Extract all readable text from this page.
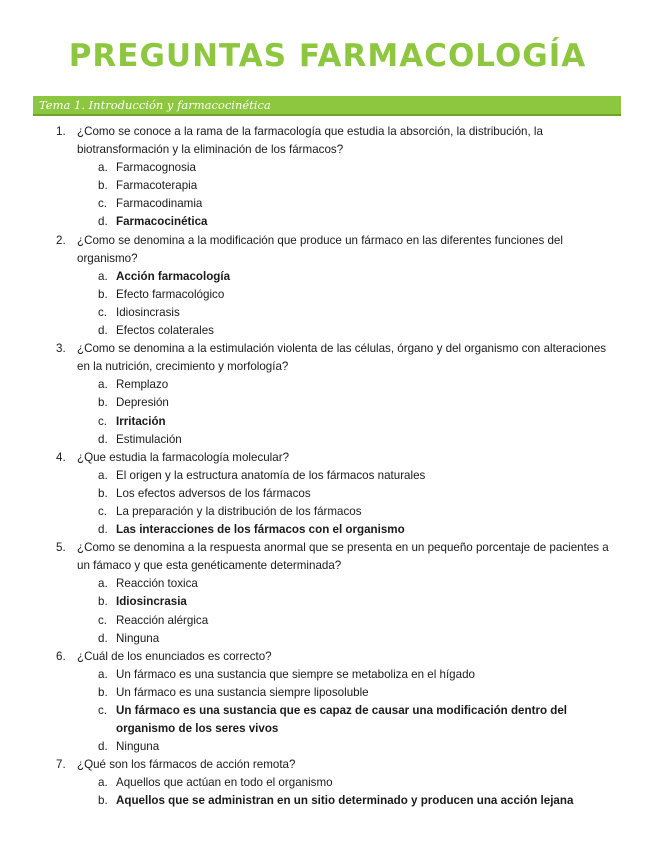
PREGUNTAS FARMACOLOGÍA
Tema 1. Introducción y farmacocinética
1. ¿Como se conoce a la rama de la farmacología que estudia la absorción, la distribución, la biotransformación y la eliminación de los fármacos?
a. Farmacognosia
b. Farmacoterapia
c. Farmacodinamia
d. Farmacocinética
2. ¿Como se denomina a la modificación que produce un fármaco en las diferentes funciones del organismo?
a. Acción farmacología
b. Efecto farmacológico
c. Idiosincrasis
d. Efectos colaterales
3. ¿Como se denomina a la estimulación violenta de las células, órgano y del organismo con alteraciones en la nutrición, crecimiento y morfología?
a. Remplazo
b. Depresión
c. Irritación
d. Estimulación
4. ¿Que estudia la farmacología molecular?
a. El origen y la estructura anatomía de los fármacos naturales
b. Los efectos adversos de los fármacos
c. La preparación y la distribución de los fármacos
d. Las interacciones de los fármacos con el organismo
5. ¿Como se denomina a la respuesta anormal que se presenta en un pequeño porcentaje de pacientes a un fámaco y que esta genéticamente determinada?
a. Reacción toxica
b. Idiosincrasia
c. Reacción alérgica
d. Ninguna
6. ¿Cuál de los enunciados es correcto?
a. Un fármaco es una sustancia que siempre se metaboliza en el hígado
b. Un fármaco es una sustancia siempre liposoluble
c. Un fármaco es una sustancia que es capaz de causar una modificación dentro del organismo de los seres vivos
d. Ninguna
7. ¿Qué son los fármacos de acción remota?
a. Aquellos que actúan en todo el organismo
b. Aquellos que se administran en un sitio determinado y producen una acción lejana
